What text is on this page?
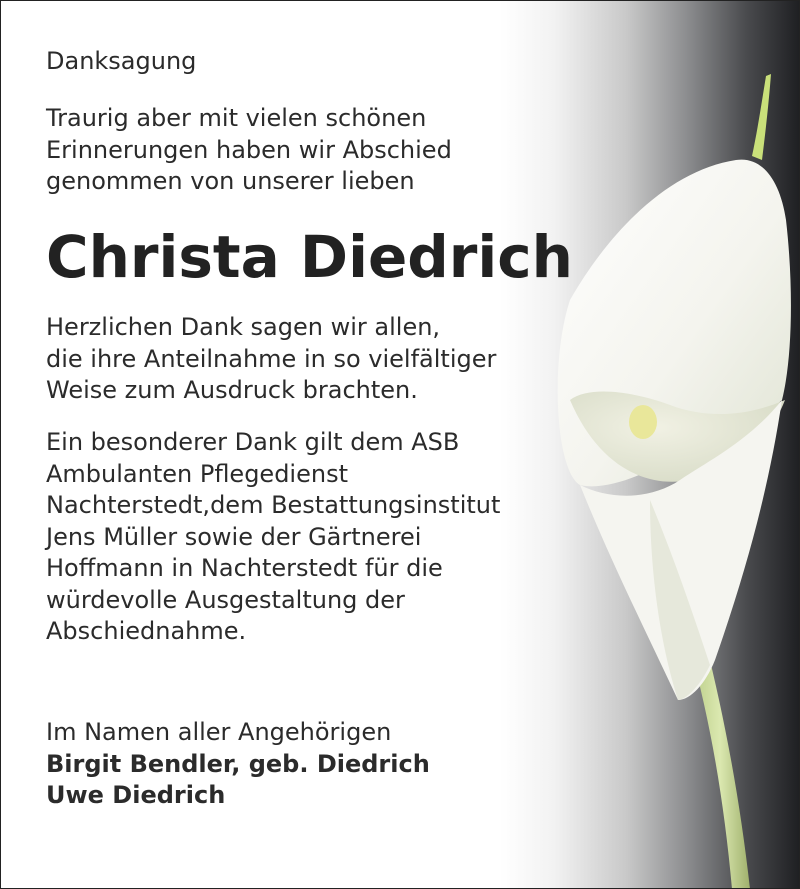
Danksagung

Traurig aber mit vielen schönen
Erinnerungen haben wir Abschied
genommen von unserer lieben

Christa Diedrich

Herzlichen Dank sagen wir allen,
die ihre Anteilnahme in so vielfältiger
Weise zum Ausdruck brachten.

Ein besonderer Dank gilt dem ASB
Ambulanten Pflegedienst
Nachterstedt,dem Bestattungsinstitut
Jens Müller sowie der Gärtnerei
Hoffmann in Nachterstedt für die
würdevolle Ausgestaltung der
Abschiednahme.

Im Namen aller Angehörigen
Birgit Bendler, geb. Diedrich
Uwe Diedrich
